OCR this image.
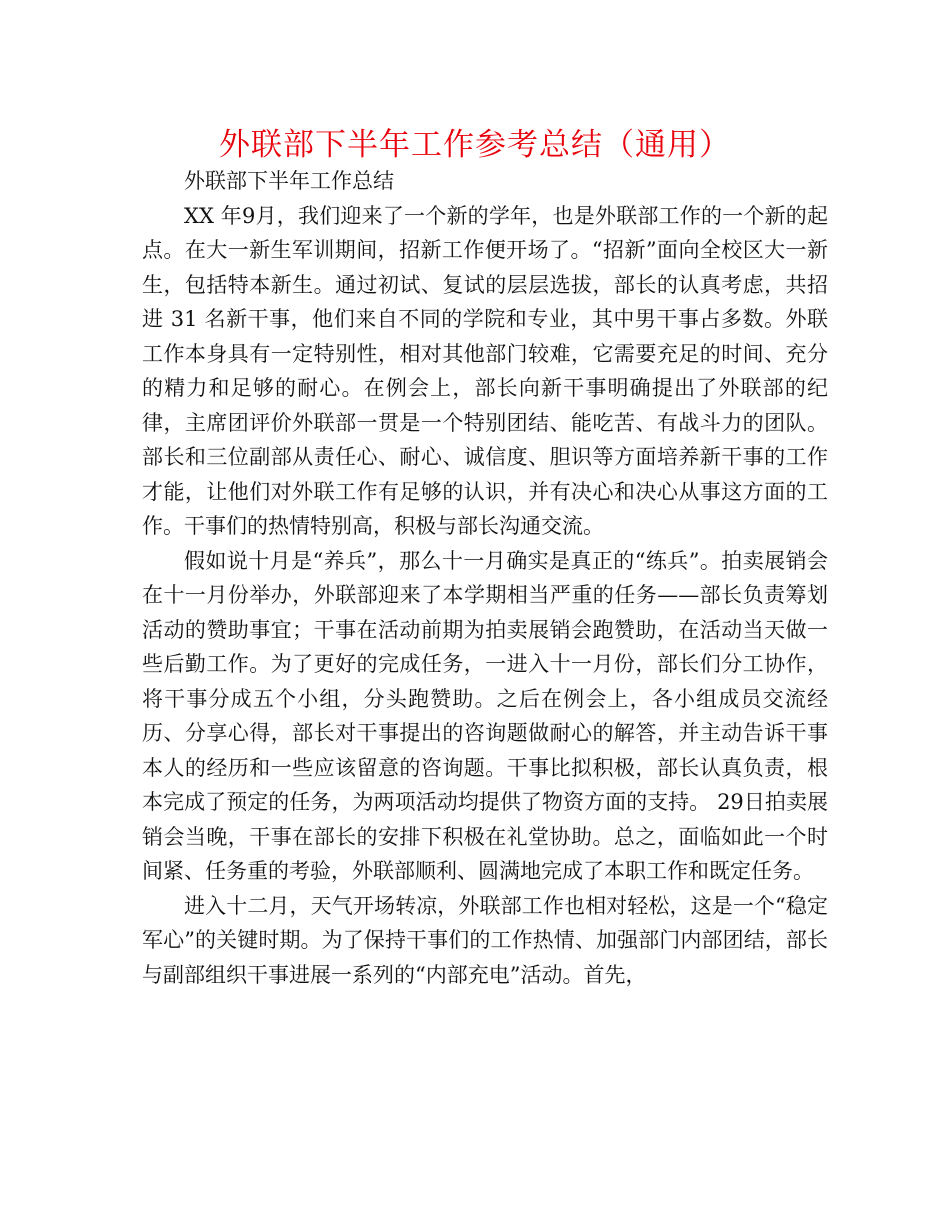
外联部下半年工作参考总结（通用）

外联部下半年工作总结

XX 年9月，我们迎来了一个新的学年，也是外联部工作的一个新的起点。在大一新生军训期间，招新工作便开场了。“招新”面向全校区大一新生，包括特本新生。通过初试、复试的层层选拔，部长的认真考虑，共招进 31 名新干事，他们来自不同的学院和专业，其中男干事占多数。外联工作本身具有一定特别性，相对其他部门较难，它需要充足的时间、充分的精力和足够的耐心。在例会上，部长向新干事明确提出了外联部的纪律，主席团评价外联部一贯是一个特别团结、能吃苦、有战斗力的团队。部长和三位副部从责任心、耐心、诚信度、胆识等方面培养新干事的工作才能，让他们对外联工作有足够的认识，并有决心和决心从事这方面的工作。干事们的热情特别高，积极与部长沟通交流。

假如说十月是“养兵”，那么十一月确实是真正的“练兵”。拍卖展销会在十一月份举办，外联部迎来了本学期相当严重的任务——部长负责筹划活动的赞助事宜；干事在活动前期为拍卖展销会跑赞助，在活动当天做一些后勤工作。为了更好的完成任务，一进入十一月份，部长们分工协作，将干事分成五个小组，分头跑赞助。之后在例会上，各小组成员交流经历、分享心得，部长对干事提出的咨询题做耐心的解答，并主动告诉干事本人的经历和一些应该留意的咨询题。干事比拟积极，部长认真负责，根本完成了预定的任务，为两项活动均提供了物资方面的支持。 29日拍卖展销会当晚，干事在部长的安排下积极在礼堂协助。总之，面临如此一个时间紧、任务重的考验，外联部顺利、圆满地完成了本职工作和既定任务。

进入十二月，天气开场转凉，外联部工作也相对轻松，这是一个“稳定军心”的关键时期。为了保持干事们的工作热情、加强部门内部团结，部长与副部组织干事进展一系列的“内部充电”活动。首先，
